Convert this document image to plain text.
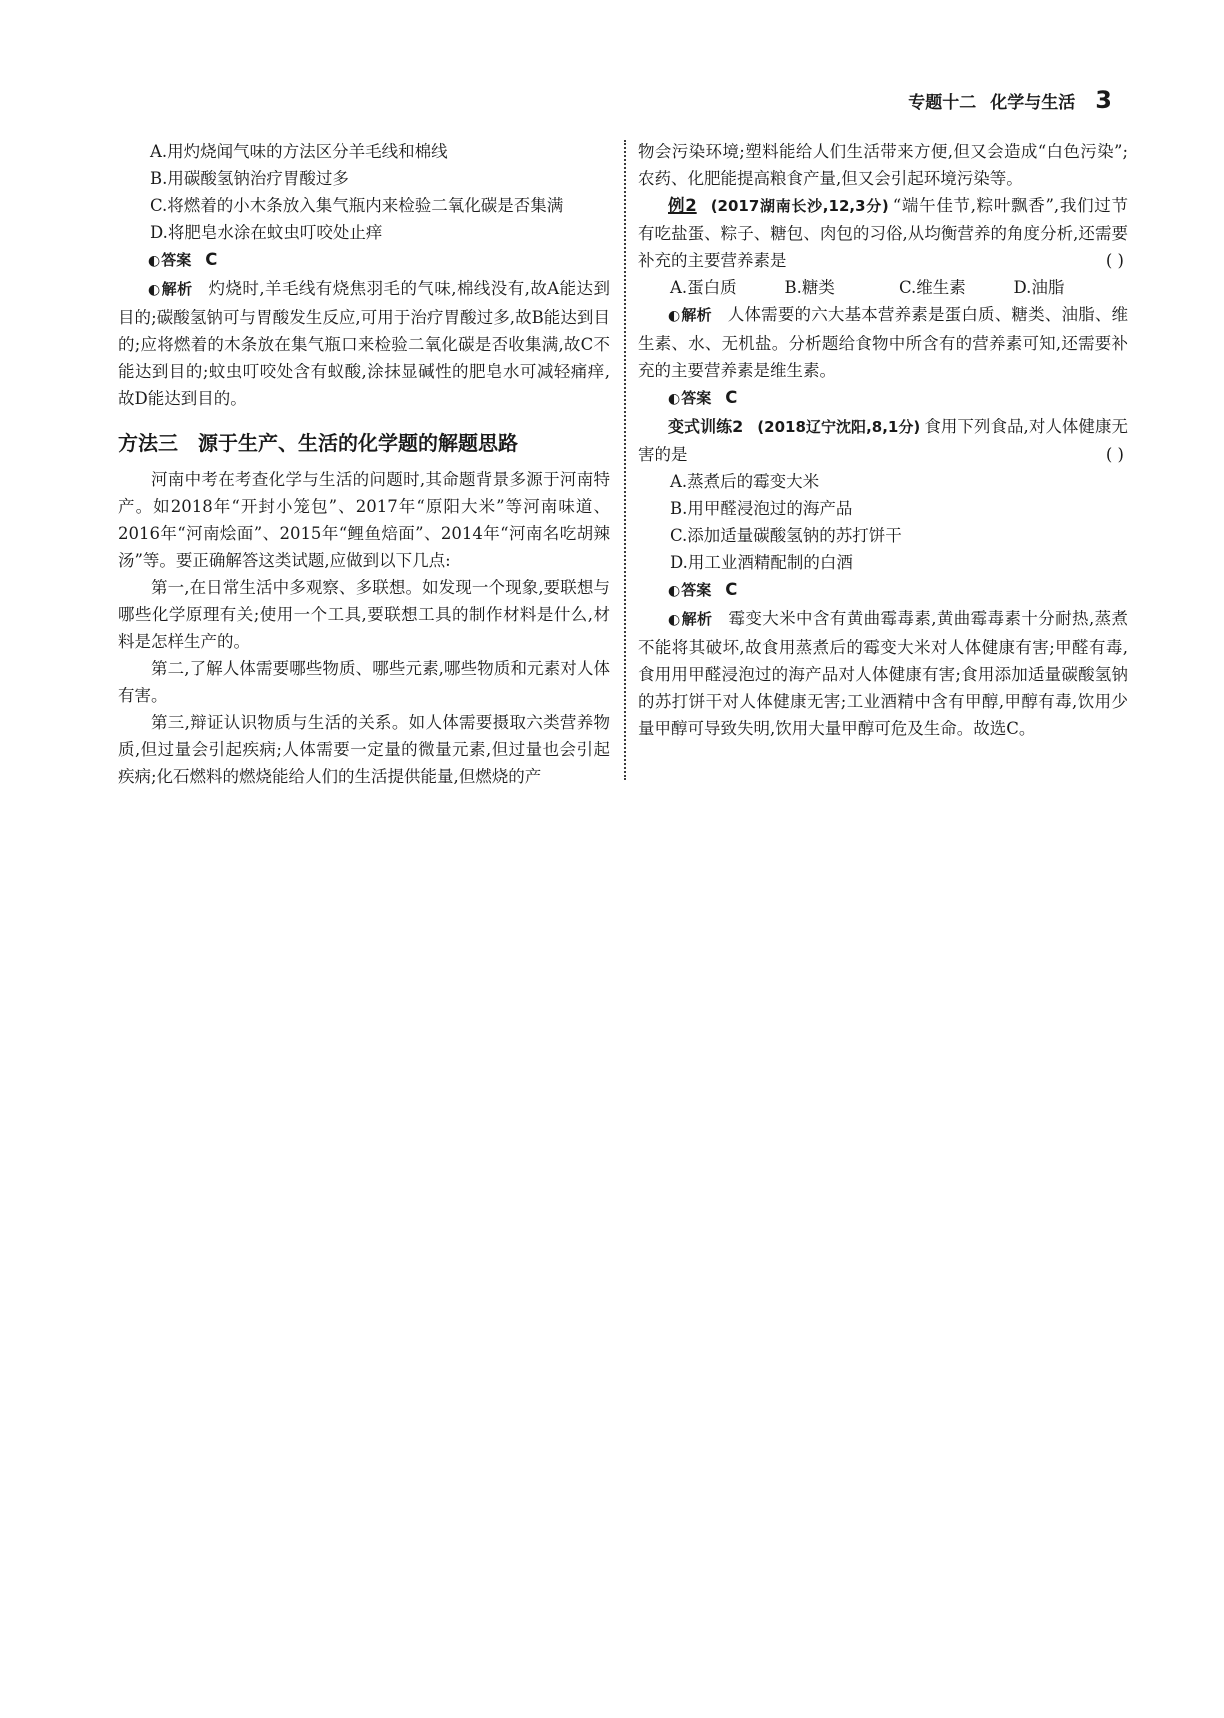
专题十二 化学与生活 3

A.用灼烧闻气味的方法区分羊毛线和棉线

B.用碳酸氢钠治疗胃酸过多

C.将燃着的小木条放入集气瓶内来检验二氧化碳是否集满

D.将肥皂水涂在蚊虫叮咬处止痒

◐答案 C

◐解析 灼烧时,羊毛线有烧焦羽毛的气味,棉线没有,故A能达到目的;碳酸氢钠可与胃酸发生反应,可用于治疗胃酸过多,故B能达到目的;应将燃着的木条放在集气瓶口来检验二氧化碳是否收集满,故C不能达到目的;蚊虫叮咬处含有蚁酸,涂抹显碱性的肥皂水可减轻痛痒,故D能达到目的。

方法三 源于生产、生活的化学题的解题思路

河南中考在考查化学与生活的问题时,其命题背景多源于河南特产。如2018年“开封小笼包”、2017年“原阳大米”等河南味道、2016年“河南烩面”、2015年“鲤鱼焙面”、2014年“河南名吃胡辣汤”等。要正确解答这类试题,应做到以下几点:

第一,在日常生活中多观察、多联想。如发现一个现象,要联想与哪些化学原理有关;使用一个工具,要联想工具的制作材料是什么,材料是怎样生产的。

第二,了解人体需要哪些物质、哪些元素,哪些物质和元素对人体有害。

第三,辩证认识物质与生活的关系。如人体需要摄取六类营养物质,但过量会引起疾病;人体需要一定量的微量元素,但过量也会引起疾病;化石燃料的燃烧能给人们的生活提供能量,但燃烧的产

物会污染环境;塑料能给人们生活带来方便,但又会造成“白色污染”;农药、化肥能提高粮食产量,但又会引起环境污染等。

例2 (2017湖南长沙,12,3分) “端午佳节,粽叶飘香”,我们过节有吃盐蛋、粽子、糖包、肉包的习俗,从均衡营养的角度分析,还需要补充的主要营养素是	( )

A.蛋白质	B.糖类	C.维生素	D.油脂

◐解析 人体需要的六大基本营养素是蛋白质、糖类、油脂、维生素、水、无机盐。分析题给食物中所含有的营养素可知,还需要补充的主要营养素是维生素。

◐答案 C

变式训练2 (2018辽宁沈阳,8,1分) 食用下列食品,对人体健康无害的是	( )

A.蒸煮后的霉变大米

B.用甲醛浸泡过的海产品

C.添加适量碳酸氢钠的苏打饼干

D.用工业酒精配制的白酒

◐答案 C

◐解析 霉变大米中含有黄曲霉毒素,黄曲霉毒素十分耐热,蒸煮不能将其破坏,故食用蒸煮后的霉变大米对人体健康有害;甲醛有毒,食用用甲醛浸泡过的海产品对人体健康有害;食用添加适量碳酸氢钠的苏打饼干对人体健康无害;工业酒精中含有甲醇,甲醇有毒,饮用少量甲醇可导致失明,饮用大量甲醇可危及生命。故选C。
